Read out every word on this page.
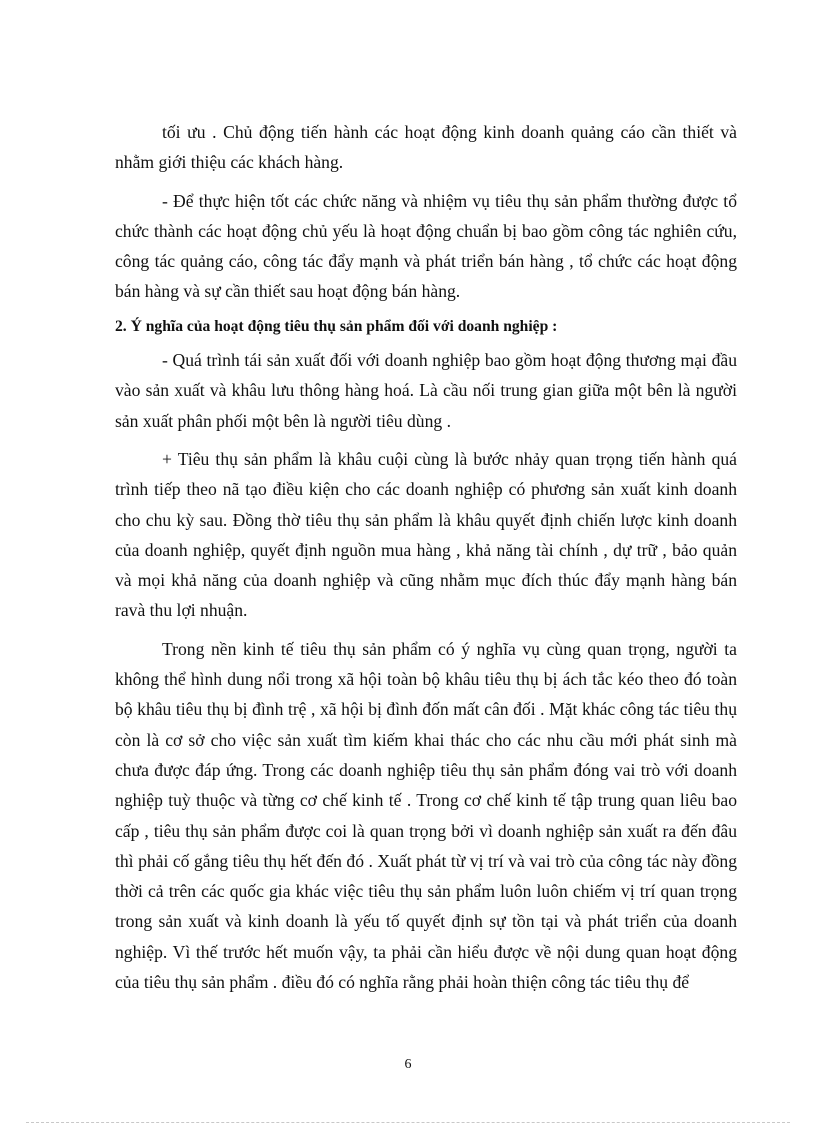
tối ưu . Chủ động tiến hành các hoạt động kinh doanh quảng cáo cần thiết và nhằm giới thiệu các khách hàng.

- Để thực hiện tốt các chức năng và nhiệm vụ tiêu thụ sản phẩm thường được tổ chức thành các hoạt động chủ yếu là hoạt động chuẩn bị bao gồm công tác nghiên cứu, công tác quảng cáo, công tác đẩy mạnh và phát triển bán hàng , tổ chức các hoạt động bán hàng và sự cần thiết sau hoạt động bán hàng.

2. Ý nghĩa của hoạt động tiêu thụ sản phẩm đối với doanh nghiệp :

- Quá trình tái sản xuất đối với doanh nghiệp bao gồm hoạt động thương mại đầu vào sản xuất và khâu lưu thông hàng hoá. Là cầu nối trung gian giữa một bên là người sản xuất phân phối một bên là người tiêu dùng .

+ Tiêu thụ sản phẩm là khâu cuội cùng là bước nhảy quan trọng tiến hành quá trình tiếp theo nã tạo điều kiện cho các doanh nghiệp có phương sản xuất kinh doanh cho chu kỳ sau. Đồng thờ tiêu thụ sản phẩm là khâu quyết định chiến lược kinh doanh của doanh nghiệp, quyết định nguồn mua hàng , khả năng tài chính , dự trữ , bảo quản và mọi khả năng của doanh nghiệp và cũng nhằm mục đích thúc đẩy mạnh hàng bán ravà thu lợi nhuận.

Trong nền kinh tế tiêu thụ sản phẩm có ý nghĩa vụ cùng quan trọng, người ta không thể hình dung nổi trong xã hội toàn bộ khâu tiêu thụ bị ách tắc kéo theo đó toàn bộ khâu tiêu thụ bị đình trệ , xã hội bị đình đốn mất cân đối . Mặt khác công tác tiêu thụ còn là cơ sở cho việc sản xuất tìm kiếm khai thác cho các nhu cầu mới phát sinh mà chưa được đáp ứng. Trong các doanh nghiệp tiêu thụ sản phẩm đóng vai trò với doanh nghiệp tuỳ thuộc và từng cơ chế kinh tế . Trong cơ chế kinh tế tập trung quan liêu bao cấp , tiêu thụ sản phẩm được coi là quan trọng bởi vì doanh nghiệp sản xuất ra đến đâu thì phải cố gắng tiêu thụ hết đến đó . Xuất phát từ vị trí và vai trò của công tác này đồng thời cả trên các quốc gia khác việc tiêu thụ sản phẩm luôn luôn chiếm vị trí quan trọng trong sản xuất và kinh doanh là yếu tố quyết định sự tồn tại và phát triển của doanh nghiệp. Vì thế trước hết muốn vậy, ta phải cần hiểu được về nội dung quan hoạt động của tiêu thụ sản phẩm . điều đó có nghĩa rằng phải hoàn thiện công tác tiêu thụ để

6
